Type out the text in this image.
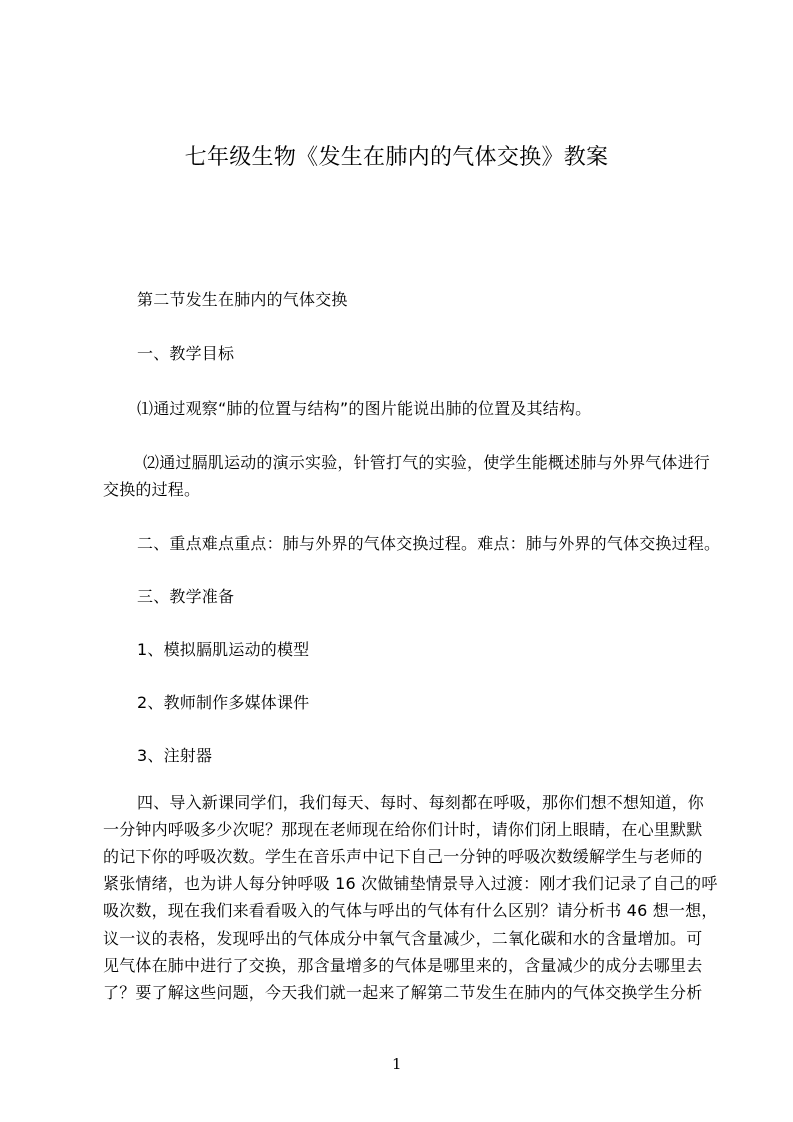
七年级生物《发生在肺内的气体交换》教案
第二节发生在肺内的气体交换
一、教学目标
⑴通过观察“肺的位置与结构”的图片能说出肺的位置及其结构。
⑵通过膈肌运动的演示实验，针管打气的实验，使学生能概述肺与外界气体进行
交换的过程。
二、重点难点重点：肺与外界的气体交换过程。难点：肺与外界的气体交换过程。
三、教学准备
1、模拟膈肌运动的模型
2、教师制作多媒体课件
3、注射器
四、导入新课同学们，我们每天、每时、每刻都在呼吸，那你们想不想知道，你
一分钟内呼吸多少次呢？那现在老师现在给你们计时，请你们闭上眼睛，在心里默默
的记下你的呼吸次数。学生在音乐声中记下自己一分钟的呼吸次数缓解学生与老师的
紧张情绪，也为讲人每分钟呼吸 16 次做铺垫情景导入过渡：刚才我们记录了自己的呼
吸次数，现在我们来看看吸入的气体与呼出的气体有什么区别？请分析书 46 想一想，
议一议的表格，发现呼出的气体成分中氧气含量减少，二氧化碳和水的含量增加。可
见气体在肺中进行了交换，那含量增多的气体是哪里来的，含量减少的成分去哪里去
了？要了解这些问题，今天我们就一起来了解第二节发生在肺内的气体交换学生分析
1
